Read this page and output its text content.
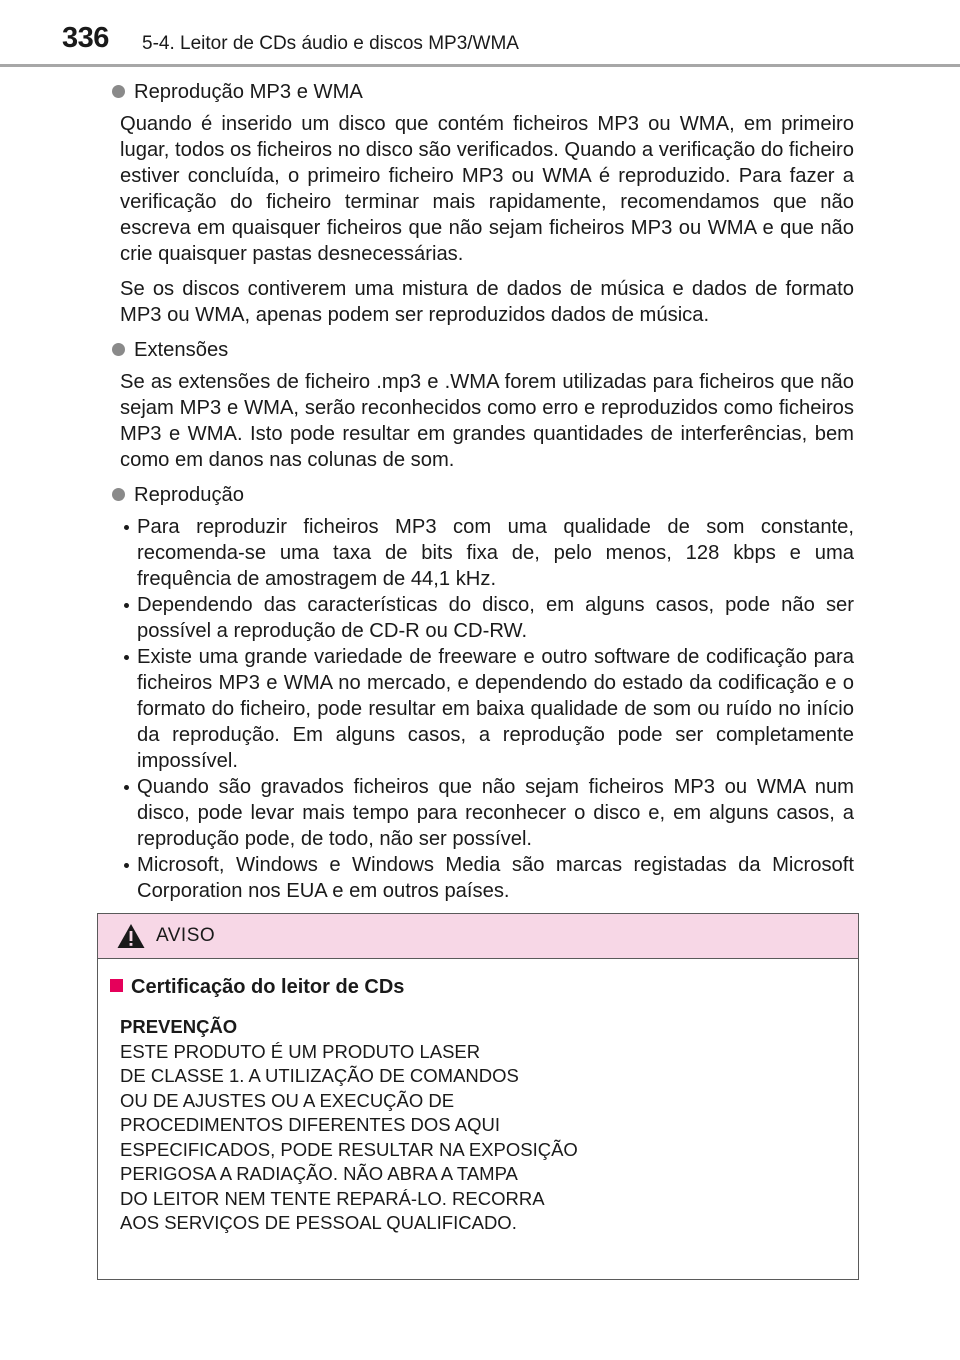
336 5-4. Leitor de CDs áudio e discos MP3/WMA
Reprodução MP3 e WMA

Quando é inserido um disco que contém ficheiros MP3 ou WMA, em primeiro lugar, todos os ficheiros no disco são verificados. Quando a verificação do ficheiro estiver concluída, o primeiro ficheiro MP3 ou WMA é reproduzido. Para fazer a verificação do ficheiro terminar mais rapidamente, recomendamos que não escreva em quaisquer ficheiros que não sejam ficheiros MP3 ou WMA e que não crie quaisquer pastas desnecessárias.

Se os discos contiverem uma mistura de dados de música e dados de formato MP3 ou WMA, apenas podem ser reproduzidos dados de música.

Extensões

Se as extensões de ficheiro .mp3 e .WMA forem utilizadas para ficheiros que não sejam MP3 e WMA, serão reconhecidos como erro e reproduzidos como ficheiros MP3 e WMA. Isto pode resultar em grandes quantidades de interferências, bem como em danos nas colunas de som.

Reprodução
Para reproduzir ficheiros MP3 com uma qualidade de som constante, recomenda-se uma taxa de bits fixa de, pelo menos, 128 kbps e uma frequência de amostragem de 44,1 kHz.
Dependendo das características do disco, em alguns casos, pode não ser possível a reprodução de CD-R ou CD-RW.
Existe uma grande variedade de freeware e outro software de codificação para ficheiros MP3 e WMA no mercado, e dependendo do estado da codificação e o formato do ficheiro, pode resultar em baixa qualidade de som ou ruído no início da reprodução. Em alguns casos, a reprodução pode ser completamente impossível.
Quando são gravados ficheiros que não sejam ficheiros MP3 ou WMA num disco, pode levar mais tempo para reconhecer o disco e, em alguns casos, a reprodução pode, de todo, não ser possível.
Microsoft, Windows e Windows Media são marcas registadas da Microsoft Corporation nos EUA e em outros países.
AVISO
Certificação do leitor de CDs
PREVENÇÃO
ESTE PRODUTO É UM PRODUTO LASER
DE CLASSE 1. A UTILIZAÇÃO DE COMANDOS
OU DE AJUSTES OU A EXECUÇÃO DE
PROCEDIMENTOS DIFERENTES DOS AQUI
ESPECIFICADOS, PODE RESULTAR NA EXPOSIÇÃO
PERIGOSA A RADIAÇÃO. NÃO ABRA A TAMPA
DO LEITOR NEM TENTE REPARÁ-LO. RECORRA
AOS SERVIÇOS DE PESSOAL QUALIFICADO.
